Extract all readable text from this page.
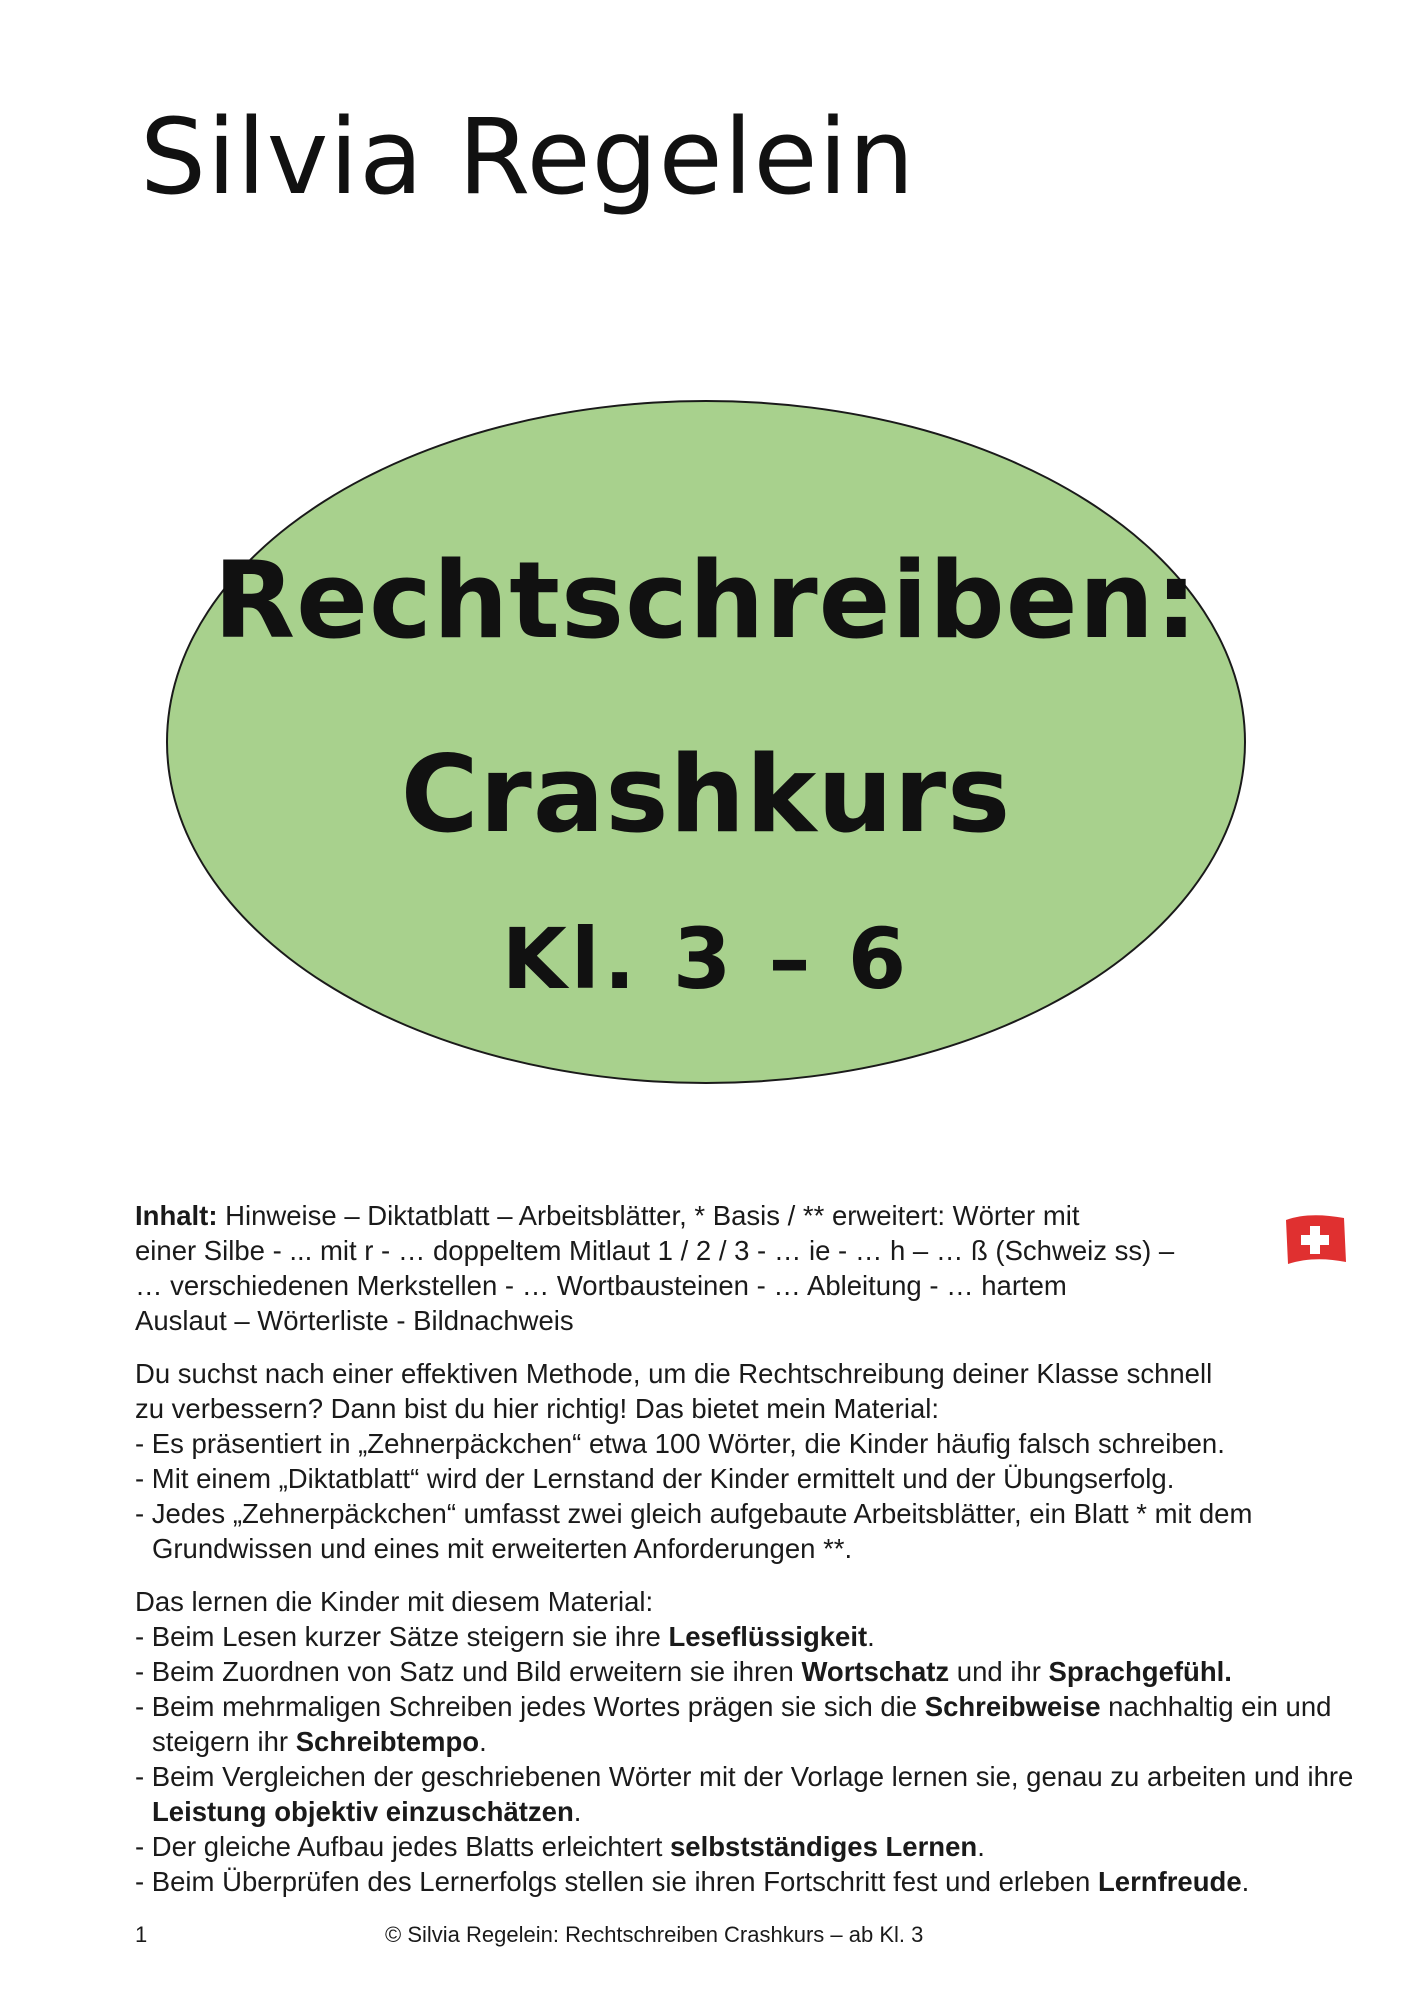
Silvia Regelein

Rechtschreiben:

Crashkurs

Kl. 3 – 6

Inhalt: Hinweise – Diktatblatt – Arbeitsblätter, * Basis / ** erweitert: Wörter mit
einer Silbe - ... mit r - … doppeltem Mitlaut 1 / 2 / 3 - … ie - … h – … ß (Schweiz ss) –
… verschiedenen Merkstellen - … Wortbausteinen - … Ableitung - … hartem
Auslaut – Wörterliste - Bildnachweis
Du suchst nach einer effektiven Methode, um die Rechtschreibung deiner Klasse schnell
zu verbessern? Dann bist du hier richtig! Das bietet mein Material:
- Es präsentiert in „Zehnerpäckchen“ etwa 100 Wörter, die Kinder häufig falsch schreiben.
- Mit einem „Diktatblatt“ wird der Lernstand der Kinder ermittelt und der Übungserfolg.
- Jedes „Zehnerpäckchen“ umfasst zwei gleich aufgebaute Arbeitsblätter, ein Blatt * mit dem Grundwissen und eines mit erweiterten Anforderungen **.
Das lernen die Kinder mit diesem Material:
- Beim Lesen kurzer Sätze steigern sie ihre Leseflüssigkeit.
- Beim Zuordnen von Satz und Bild erweitern sie ihren Wortschatz und ihr Sprachgefühl.
- Beim mehrmaligen Schreiben jedes Wortes prägen sie sich die Schreibweise nachhaltig ein und steigern ihr Schreibtempo.
- Beim Vergleichen der geschriebenen Wörter mit der Vorlage lernen sie, genau zu arbeiten und ihre Leistung objektiv einzuschätzen.
- Der gleiche Aufbau jedes Blatts erleichtert selbstständiges Lernen.
- Beim Überprüfen des Lernerfolgs stellen sie ihren Fortschritt fest und erleben Lernfreude.
1	© Silvia Regelein: Rechtschreiben Crashkurs – ab Kl. 3
